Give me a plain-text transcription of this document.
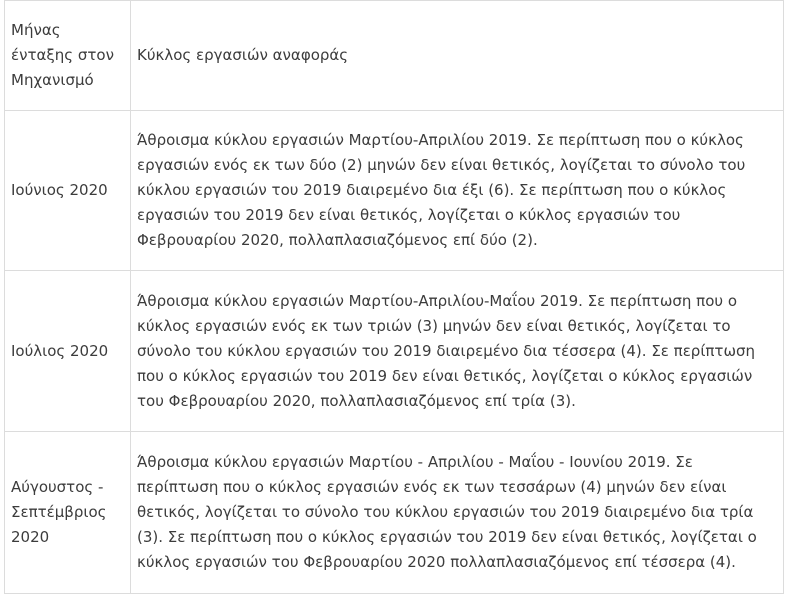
Μήνας ένταξης στον Μηχανισμό	Κύκλος εργασιών αναφοράς
Ιούνιος 2020	Άθροισμα κύκλου εργασιών Μαρτίου-Απριλίου 2019. Σε περίπτωση που ο κύκλος εργασιών ενός εκ των δύο (2) μηνών δεν είναι θετικός, λογίζεται το σύνολο του κύκλου εργασιών του 2019 διαιρεμένο δια έξι (6). Σε περίπτωση που ο κύκλος εργασιών του 2019 δεν είναι θετικός, λογίζεται ο κύκλος εργασιών του Φεβρουαρίου 2020, πολλαπλασιαζόμενος επί δύο (2).
Ιούλιος 2020	Άθροισμα κύκλου εργασιών Μαρτίου-Απριλίου-Μαΐου 2019. Σε περίπτωση που ο κύκλος εργασιών ενός εκ των τριών (3) μηνών δεν είναι θετικός, λογίζεται το σύνολο του κύκλου εργασιών του 2019 διαιρεμένο δια τέσσερα (4). Σε περίπτωση που ο κύκλος εργασιών του 2019 δεν είναι θετικός, λογίζεται ο κύκλος εργασιών του Φεβρουαρίου 2020, πολλαπλασιαζόμενος επί τρία (3).
Αύγουστος - Σεπτέμβριος 2020	Άθροισμα κύκλου εργασιών Μαρτίου - Απριλίου - Μαΐου - Ιουνίου 2019. Σε περίπτωση που ο κύκλος εργασιών ενός εκ των τεσσάρων (4) μηνών δεν είναι θετικός, λογίζεται το σύνολο του κύκλου εργασιών του 2019 διαιρεμένο δια τρία (3). Σε περίπτωση που ο κύκλος εργασιών του 2019 δεν είναι θετικός, λογίζεται ο κύκλος εργασιών του Φεβρουαρίου 2020 πολλαπλασιαζόμενος επί τέσσερα (4).
